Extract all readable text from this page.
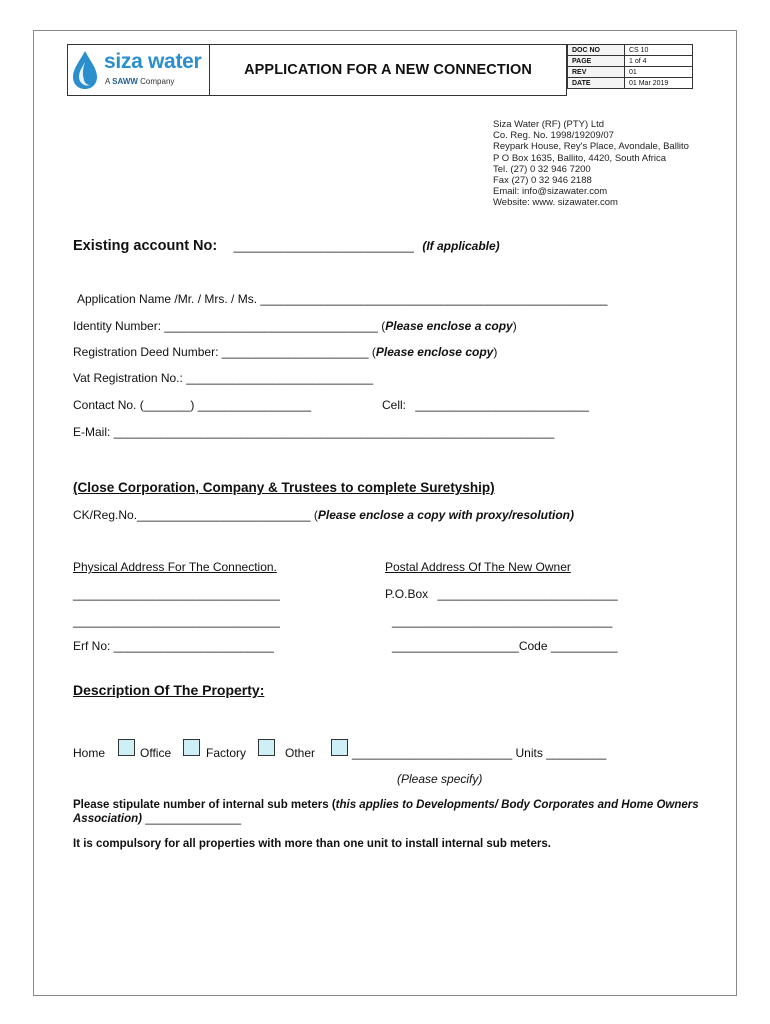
siza water
A SAWW Company
APPLICATION FOR A NEW CONNECTION
DOC NO	CS 10
PAGE	1 of 4
REV	01
DATE	01 Mar 2019
Siza Water (RF) (PTY) Ltd
Co. Reg. No. 1998/19209/07
Reypark House, Rey's Place, Avondale, Ballito
P O Box 1635, Ballito, 4420, South Africa
Tel. (27) 0 32 946 7200
Fax (27) 0 32 946 2188
Email: info@sizawater.com
Website: www. sizawater.com
Existing account No: ___________________________ (If applicable)
Application Name /Mr. / Mrs. / Ms. ____________________________________________________
Identity Number: ________________________________ (Please enclose a copy)
Registration Deed Number: ______________________ (Please enclose copy)
Vat Registration No.: ____________________________
Contact No. (_______) _________________	Cell: __________________________
E-Mail: __________________________________________________________________
(Close Corporation, Company & Trustees to complete Suretyship)
CK/Reg.No.__________________________ (Please enclose a copy with proxy/resolution)
Physical Address For The Connection.	Postal Address Of The New Owner
_______________________________	P.O.Box ___________________________
_______________________________	_________________________________
Erf No: ________________________	___________________Code __________
Description Of The Property:
Home	Office	Factory	Other	________________________ Units _________
(Please specify)
Please stipulate number of internal sub meters (this applies to Developments/ Body Corporates and Home Owners Association) _______________
It is compulsory for all properties with more than one unit to install internal sub meters.
